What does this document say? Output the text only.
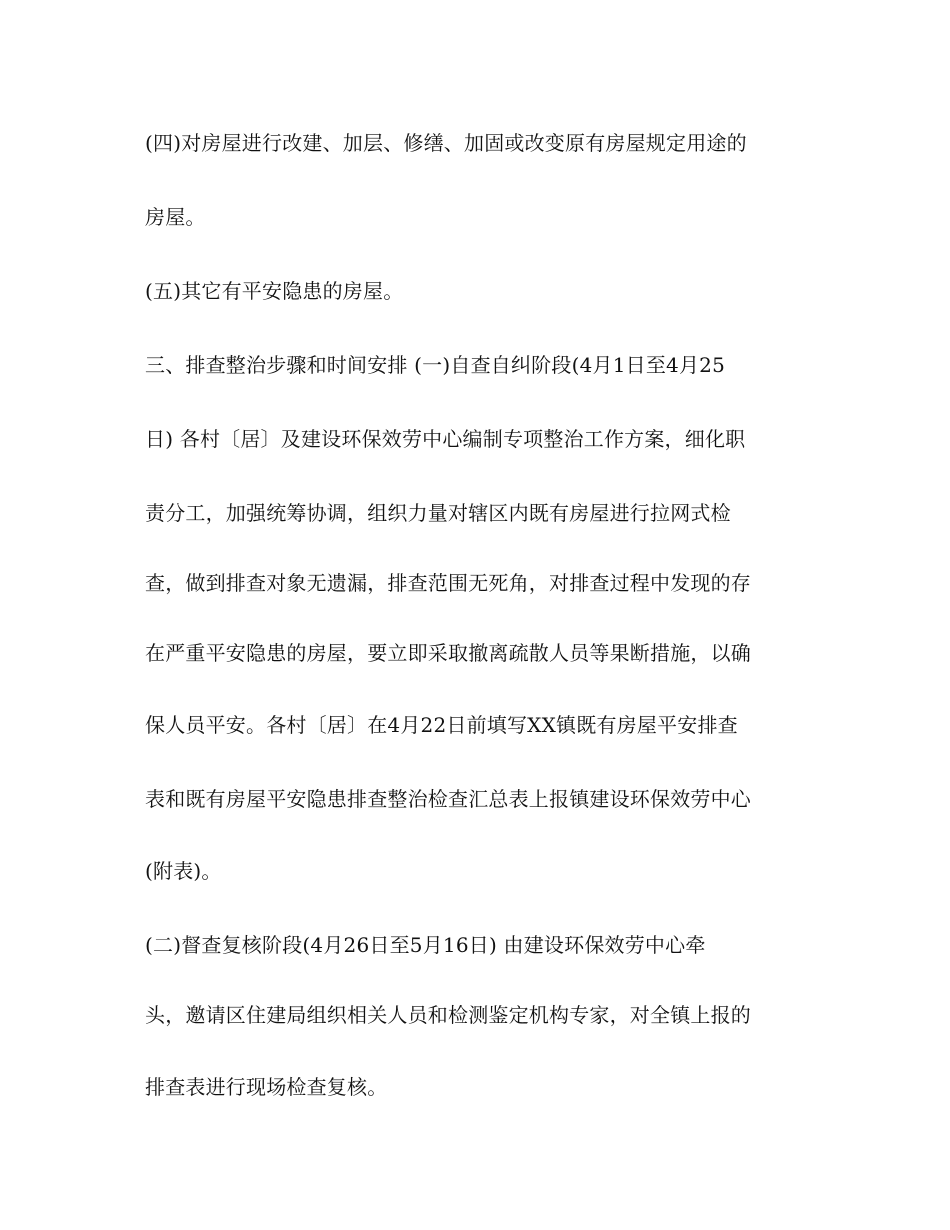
(四)对房屋进行改建、加层、修缮、加固或改变原有房屋规定用途的
房屋。
(五)其它有平安隐患的房屋。
三、排查整治步骤和时间安排 (一)自查自纠阶段(4月1日至4月25
日) 各村〔居〕及建设环保效劳中心编制专项整治工作方案，细化职
责分工，加强统筹协调，组织力量对辖区内既有房屋进行拉网式检
查，做到排查对象无遗漏，排查范围无死角，对排查过程中发现的存
在严重平安隐患的房屋，要立即采取撤离疏散人员等果断措施，以确
保人员平安。各村〔居〕在4月22日前填写XX镇既有房屋平安排查
表和既有房屋平安隐患排查整治检查汇总表上报镇建设环保效劳中心
(附表)。
(二)督查复核阶段(4月26日至5月16日) 由建设环保效劳中心牵
头，邀请区住建局组织相关人员和检测鉴定机构专家，对全镇上报的
排查表进行现场检查复核。
